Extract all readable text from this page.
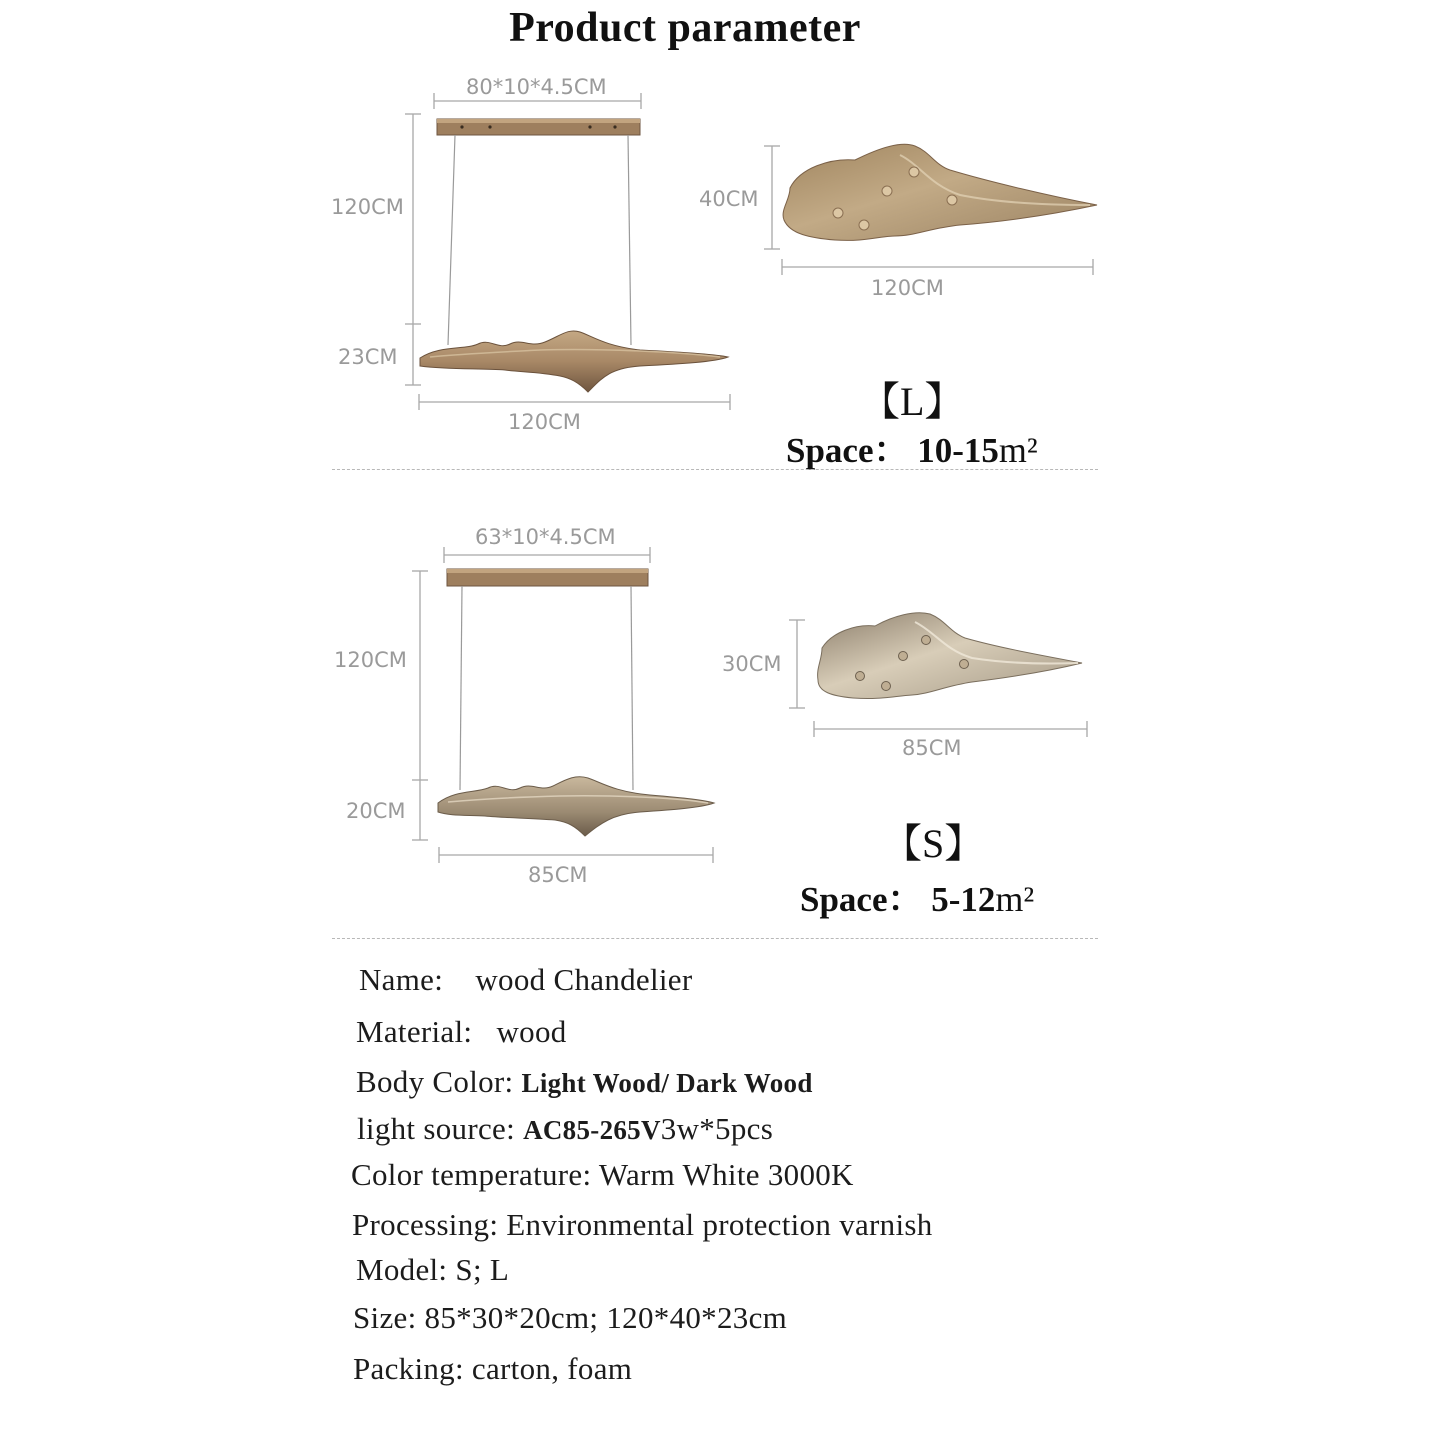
Product parameter
80*10*4.5CM
120CM
23CM
120CM
40CM
120CM
【L】
Space： 10-15m²
63*10*4.5CM
120CM
20CM
85CM
30CM
85CM
【S】
Space： 5-12m²
Name: wood Chandelier
Material: wood
Body Color: Light Wood/ Dark Wood
light source: AC85-265V3w*5pcs
Color temperature: Warm White 3000K
Processing: Environmental protection varnish
Model: S; L
Size: 85*30*20cm; 120*40*23cm
Packing: carton, foam
